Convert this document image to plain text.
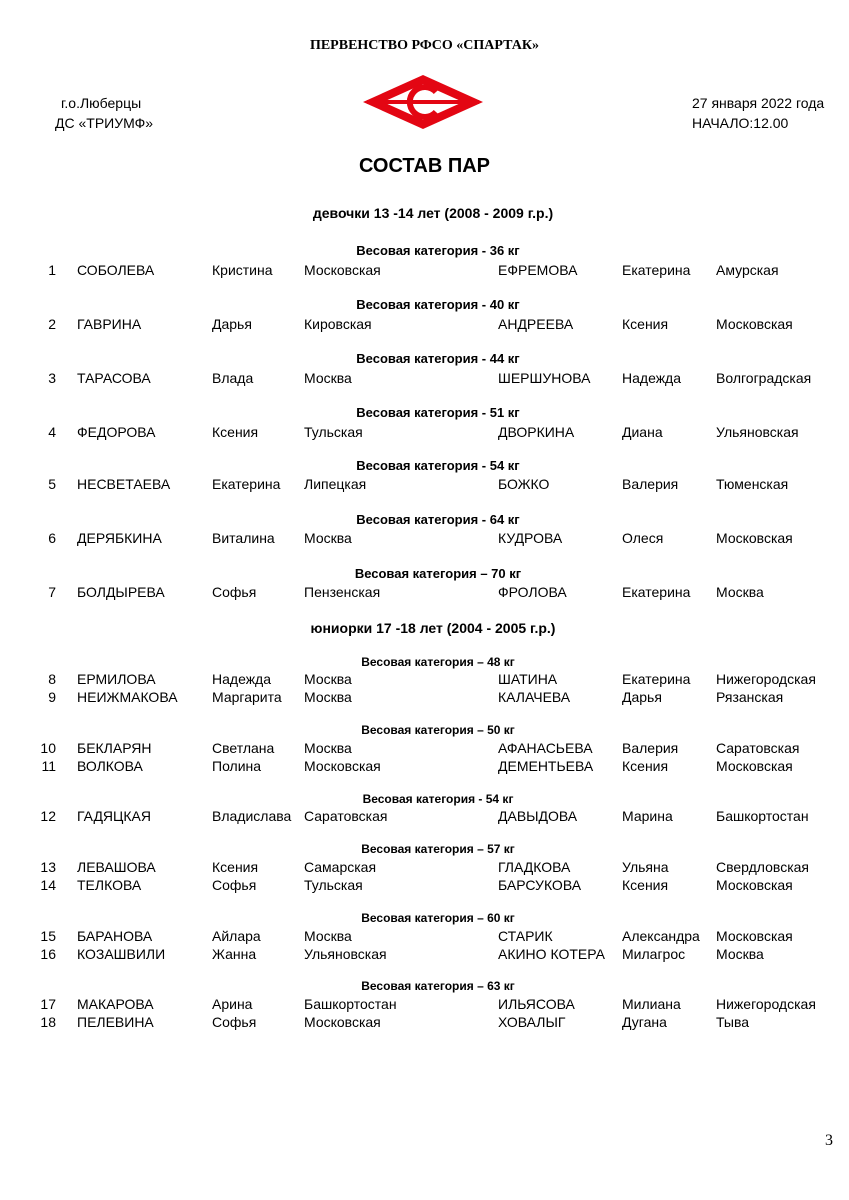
ПЕРВЕНСТВО РФСО «СПАРТАК»
г.о.Люберцы
ДС «ТРИУМФ»
27 января 2022 года
НАЧАЛО:12.00
СОСТАВ ПАР
девочки 13 -14 лет (2008 - 2009 г.р.)
Весовая категория - 36 кг
1 СОБОЛЕВА	Кристина Московская	ЕФРЕМОВА	Екатерина Амурская
Весовая категория - 40 кг
2 ГАВРИНА	Дарья	Кировская	АНДРЕЕВА	Ксения	Московская
Весовая категория - 44 кг
3 ТАРАСОВА	Влада	Москва	ШЕРШУНОВА Надежда Волгоградская
Весовая категория - 51 кг
4 ФЕДОРОВА	Ксения	Тульская	ДВОРКИНА	Диана	Ульяновская
Весовая категория - 54 кг
5 НЕСВЕТАЕВА	Екатерина Липецкая	БОЖКО	Валерия	Тюменская
Весовая категория - 64 кг
6 ДЕРЯБКИНА	Виталина Москва	КУДРОВА	Олеся	Московская
Весовая категория – 70 кг
7 БОЛДЫРЕВА	Софья	Пензенская	ФРОЛОВА	Екатерина Москва
юниорки 17 -18 лет (2004 - 2005 г.р.)
Весовая категория – 48 кг
8 ЕРМИЛОВА	Надежда Москва	ШАТИНА	Екатерина Нижегородская
9 НЕИЖМАКОВА Маргарита Москва	КАЛАЧЕВА	Дарья	Рязанская
Весовая категория – 50 кг
10 БЕКЛАРЯН	Светлана Москва	АФАНАСЬЕВА Валерия	Саратовская
11 ВОЛКОВА	Полина	Московская	ДЕМЕНТЬЕВА Ксения	Московская
Весовая категория - 54 кг
12 ГАДЯЦКАЯ	Владислава Саратовская	ДАВЫДОВА	Марина	Башкортостан
Весовая категория – 57 кг
13 ЛЕВАШОВА	Ксения	Самарская	ГЛАДКОВА	Ульяна	Свердловская
14 ТЕЛКОВА	Софья	Тульская	БАРСУКОВА	Ксения	Московская
Весовая категория – 60 кг
15 БАРАНОВА	Айлара	Москва	СТАРИК	Александра Московская
16 КОЗАШВИЛИ	Жанна	Ульяновская	АКИНО КОТЕРА Милагрос Москва
Весовая категория – 63 кг
17 МАКАРОВА	Арина	Башкортостан	ИЛЬЯСОВА	Милиана	Нижегородская
18 ПЕЛЕВИНА	Софья	Московская	ХОВАЛЫГ	Дугана	Тыва
3
